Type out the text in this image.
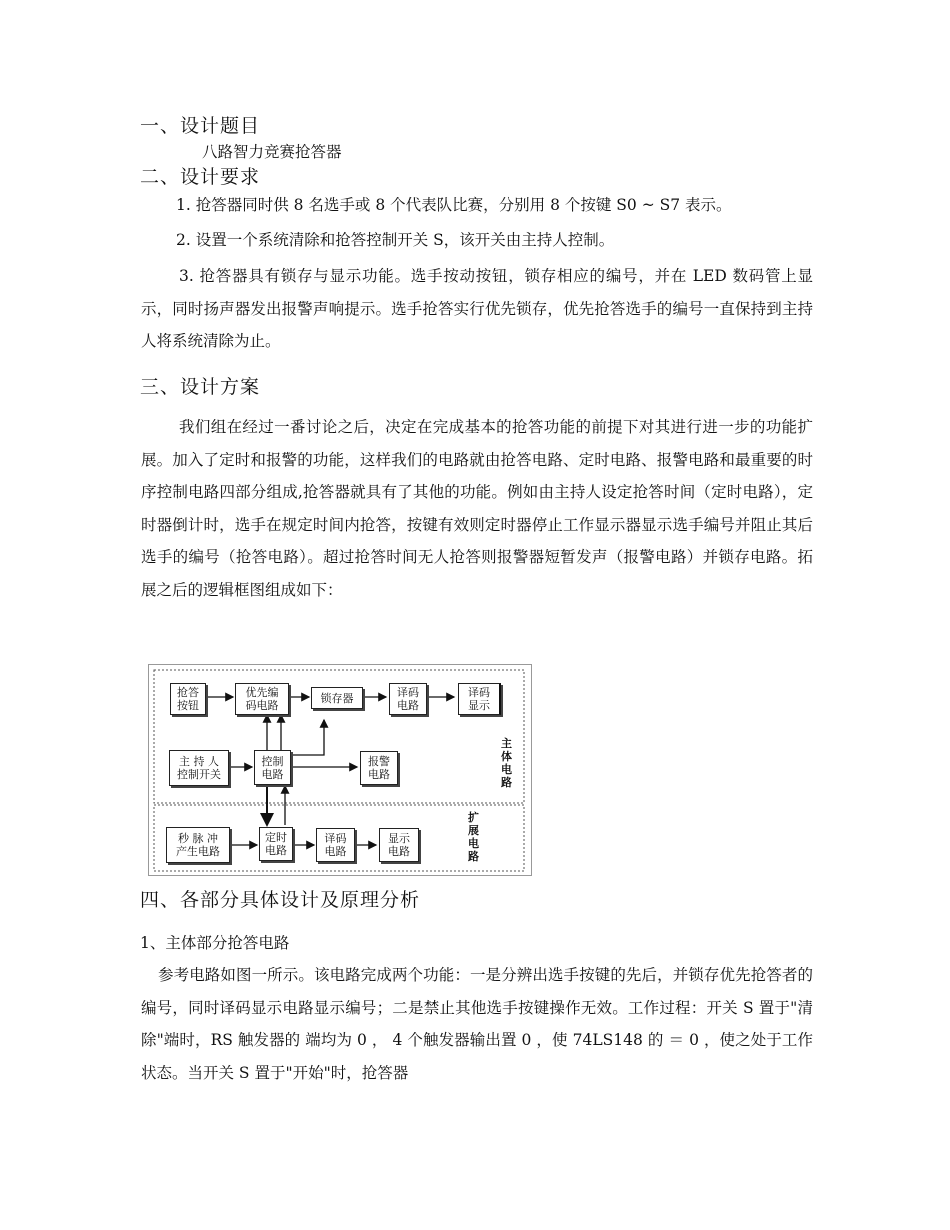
一、设计题目

八路智力竞赛抢答器

二、设计要求

1. 抢答器同时供 8 名选手或 8 个代表队比赛，分别用 8 个按键 S0 ~ S7 表示。

2. 设置一个系统清除和抢答控制开关 S，该开关由主持人控制。

3. 抢答器具有锁存与显示功能。选手按动按钮，锁存相应的编号，并在 LED 数码管上显示，同时扬声器发出报警声响提示。选手抢答实行优先锁存，优先抢答选手的编号一直保持到主持人将系统清除为止。

三、设计方案

我们组在经过一番讨论之后，决定在完成基本的抢答功能的前提下对其进行进一步的功能扩展。加入了定时和报警的功能，这样我们的电路就由抢答电路、定时电路、报警电路和最重要的时序控制电路四部分组成,抢答器就具有了其他的功能。例如由主持人设定抢答时间（定时电路），定时器倒计时，选手在规定时间内抢答，按键有效则定时器停止工作显示器显示选手编号并阻止其后选手的编号（抢答电路）。超过抢答时间无人抢答则报警器短暂发声（报警电路）并锁存电路。拓展之后的逻辑框图组成如下：

抢答
按钮
优先编
码电路
锁存器	译码
电路
译码
显示
主 持 人
控制开关
控制
电路
报警
电路
秒 脉 冲
产生电路
定时
电路
译码
电路
显示
电路
主
体
电
路
扩
展
电
路
四、各部分具体设计及原理分析

1、主体部分抢答电路

参考电路如图一所示。该电路完成两个功能：一是分辨出选手按键的先后，并锁存优先抢答者的编号，同时译码显示电路显示编号；二是禁止其他选手按键操作无效。工作过程：开关 S 置于"清除"端时，RS 触发器的 端均为 0 ， 4 个触发器输出置 0 ，使 74LS148 的 ＝ 0 ，使之处于工作状态。当开关 S 置于"开始"时，抢答器
